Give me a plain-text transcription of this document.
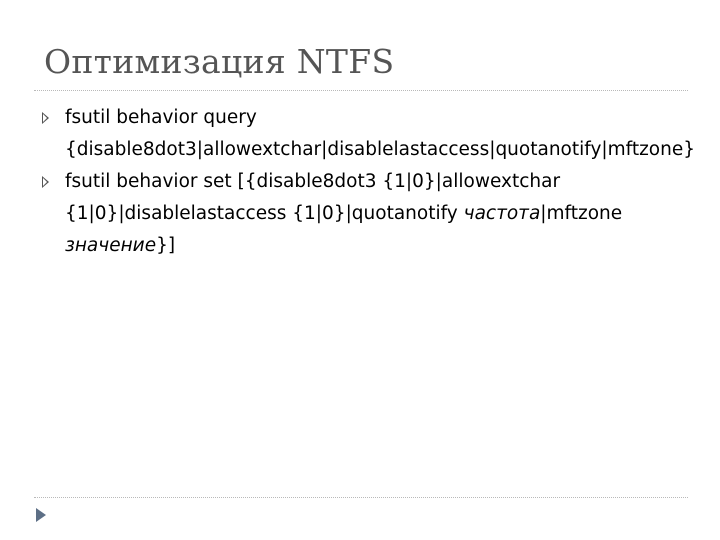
Оптимизация NTFS
fsutil behavior query {disable8dot3|allowextchar|disablelastaccess|quotanotify|mftzone}
fsutil behavior set [{disable8dot3 {1|0}|allowextchar {1|0}|disablelastaccess {1|0}|quotanotify частота|mftzone значение}]
